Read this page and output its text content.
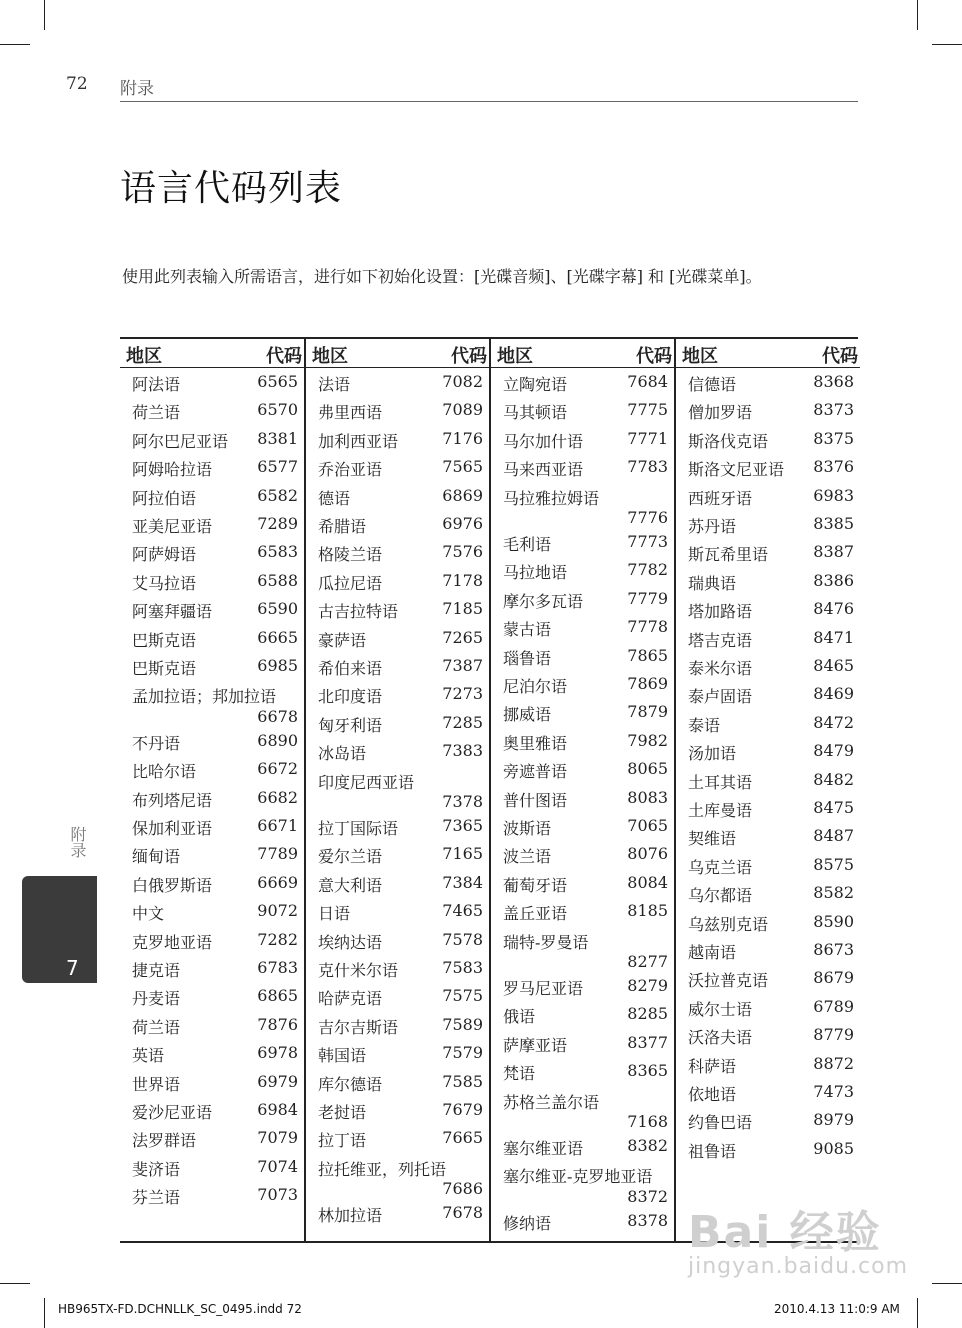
72 附录
语言代码列表
使用此列表输入所需语言，进行如下初始化设置：[光碟音频]、[光碟字幕] 和 [光碟菜单]。
地区	代码
阿法语	6565
荷兰语	6570
阿尔巴尼亚语 8381
阿姆哈拉语	6577
阿拉伯语	6582
亚美尼亚语	7289
阿萨姆语	6583
艾马拉语	6588
阿塞拜疆语	6590
巴斯克语	6665
巴斯克语	6985
孟加拉语；邦加拉语
6678
不丹语	6890
比哈尔语	6672
布列塔尼语	6682
保加利亚语	6671
缅甸语	7789
白俄罗斯语	6669
中文	9072
克罗地亚语	7282
捷克语	6783
丹麦语	6865
荷兰语	7876
英语	6978
世界语	6979
爱沙尼亚语	6984
法罗群语	7079
斐济语	7074
芬兰语	7073
地区	代码
法语	7082
弗里西语	7089
加利西亚语	7176
乔治亚语	7565
德语	6869
希腊语	6976
格陵兰语	7576
瓜拉尼语	7178
古吉拉特语	7185
豪萨语	7265
希伯来语	7387
北印度语	7273
匈牙利语	7285
冰岛语	7383
印度尼西亚语
7378
拉丁国际语	7365
爱尔兰语	7165
意大利语	7384
日语	7465
埃纳达语	7578
克什米尔语	7583
哈萨克语	7575
吉尔吉斯语	7589
韩国语	7579
库尔德语	7585
老挝语	7679
拉丁语	7665
拉托维亚，列托语
7686
林加拉语	7678
地区	代码
立陶宛语	7684
马其顿语	7775
马尔加什语	7771
马来西亚语	7783
马拉雅拉姆语
7776
毛利语	7773
马拉地语	7782
摩尔多瓦语	7779
蒙古语	7778
瑙鲁语	7865
尼泊尔语	7869
挪威语	7879
奥里雅语	7982
旁遮普语	8065
普什图语	8083
波斯语	7065
波兰语	8076
葡萄牙语	8084
盖丘亚语	8185
瑞特-罗曼语
8277
罗马尼亚语	8279
俄语	8285
萨摩亚语	8377
梵语	8365
苏格兰盖尔语
7168
塞尔维亚语	8382
塞尔维亚-克罗地亚语
8372
修纳语	8378
地区	代码
信德语	8368
僧加罗语	8373
斯洛伐克语	8375
斯洛文尼亚语 8376
西班牙语	6983
苏丹语	8385
斯瓦希里语	8387
瑞典语	8386
塔加路语	8476
塔吉克语	8471
泰米尔语	8465
泰卢固语	8469
泰语	8472
汤加语	8479
土耳其语	8482
土库曼语	8475
契维语	8487
乌克兰语	8575
乌尔都语	8582
乌兹别克语	8590
越南语	8673
沃拉普克语	8679
威尔士语	6789
沃洛夫语	8779
科萨语	8872
依地语	7473
约鲁巴语	8979
祖鲁语	9085
附录
7
HB965TX-FD.DCHNLLK_SC_0495.indd 72	2010.4.13 11:0:9 AM
Bai 经验
jingyan.baidu.com
